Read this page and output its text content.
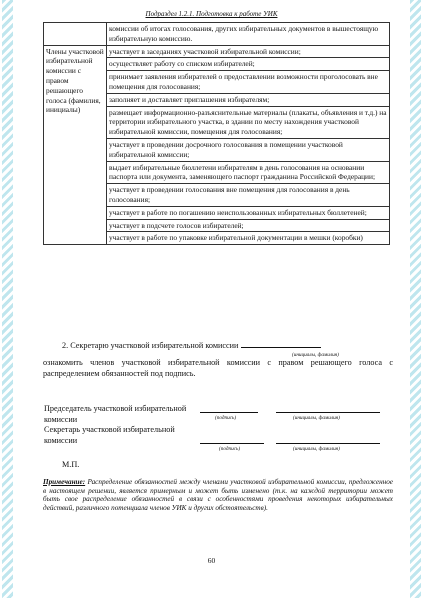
Подраздел 1.2.1. Подготовка к работе УИК
	комиссии об итогах голосования, других избирательных документов в вышестоящую избирательную комиссию.
Члены участковой избирательной комиссии с правом решающего голоса (фамилия, инициалы)	участвует в заседаниях участковой избирательной комиссии;
	осуществляет работу со списком избирателей;
	принимает заявления избирателей о предоставлении возможности проголосовать вне помещения для голосования;
	заполняет и доставляет приглашения избирателям;
	размещает информационно-разъяснительные материалы (плакаты, объявления и т.д.) на территории избирательного участка, в здании по месту нахождения участковой избирательной комиссии, помещения для голосования;
	участвует в проведении досрочного голосования в помещении участковой избирательной комиссии;
	выдает избирательные бюллетени избирателям в день голосования на основании паспорта или документа, заменяющего паспорт гражданина Российской Федерации;
	участвует в проведении голосования вне помещения для голосования в день голосования;
	участвует в работе по погашению неиспользованных избирательных бюллетеней;
	участвует в подсчете голосов избирателей;
	участвует в работе по упаковке избирательной документации в мешки (коробки)
2. Секретарю участковой избирательной комиссии
(инициалы, фамилия)
ознакомить членов участковой избирательной комиссии с правом решающего голоса с распределением обязанностей под подпись.
Председатель участковой избирательной комиссии	(подпись)	(инициалы, фамилия)
Секретарь участковой избирательной комиссии
(подпись)	(инициалы, фамилия)
М.П.
Примечание: Распределение обязанностей между членами участковой избирательной комиссии, предложенное в настоящем решении, является примерным и может быть изменено (т.к. на каждой территории может быть свое распределение обязанностей в связи с особенностями проведения некоторых избирательных действий, различного потенциала членов УИК и других обстоятельств).
60
